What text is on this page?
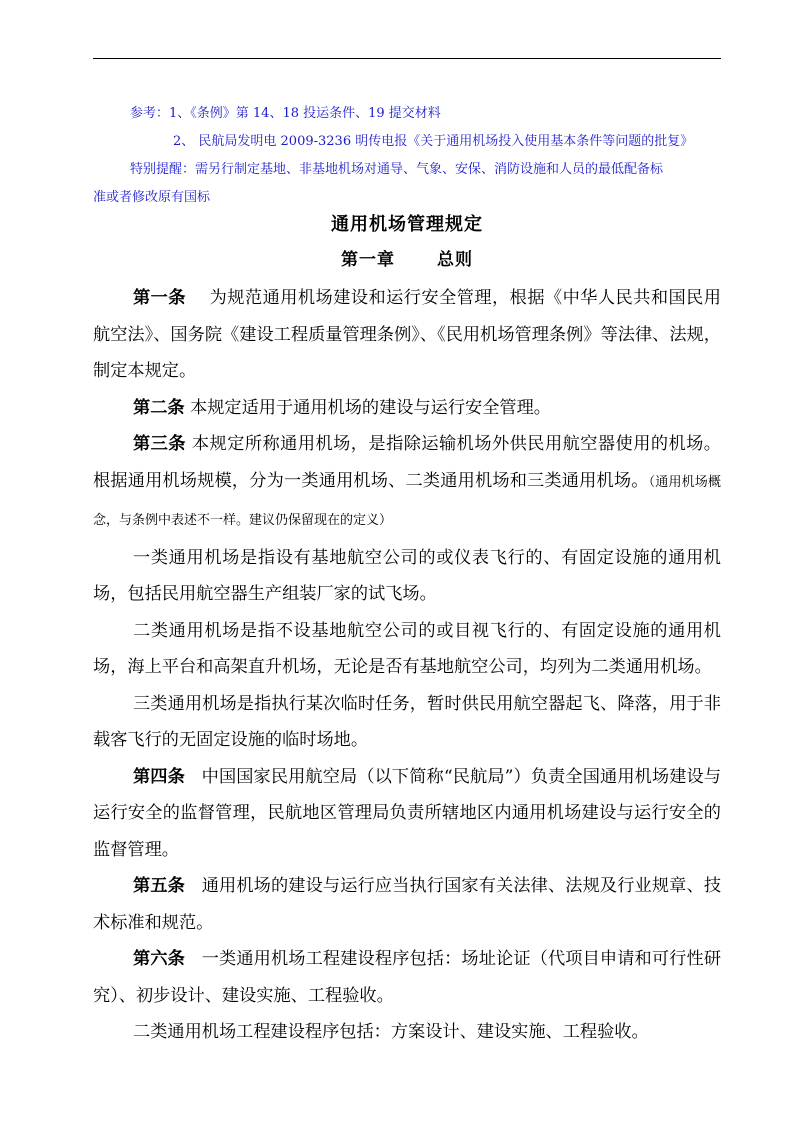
参考：1、《条例》第 14、18 投运条件、19 提交材料
2、 民航局发明电 2009-3236 明传电报《关于通用机场投入使用基本条件等问题的批复》
特别提醒：需另行制定基地、非基地机场对通导、气象、安保、消防设施和人员的最低配备标
准或者修改原有国标
通用机场管理规定
第一章 总则

第一条 为规范通用机场建设和运行安全管理，根据《中华人民共和国民用航空法》、国务院《建设工程质量管理条例》、《民用机场管理条例》等法律、法规，制定本规定。

第二条 本规定适用于通用机场的建设与运行安全管理。

第三条 本规定所称通用机场，是指除运输机场外供民用航空器使用的机场。根据通用机场规模，分为一类通用机场、二类通用机场和三类通用机场。（通用机场概念，与条例中表述不一样。建议仍保留现在的定义）

一类通用机场是指设有基地航空公司的或仪表飞行的、有固定设施的通用机场，包括民用航空器生产组装厂家的试飞场。

二类通用机场是指不设基地航空公司的或目视飞行的、有固定设施的通用机场，海上平台和高架直升机场，无论是否有基地航空公司，均列为二类通用机场。

三类通用机场是指执行某次临时任务，暂时供民用航空器起飞、降落，用于非载客飞行的无固定设施的临时场地。

第四条 中国国家民用航空局（以下简称“民航局”）负责全国通用机场建设与运行安全的监督管理，民航地区管理局负责所辖地区内通用机场建设与运行安全的监督管理。

第五条 通用机场的建设与运行应当执行国家有关法律、法规及行业规章、技术标准和规范。

第六条 一类通用机场工程建设程序包括：场址论证（代项目申请和可行性研究）、初步设计、建设实施、工程验收。

二类通用机场工程建设程序包括：方案设计、建设实施、工程验收。
